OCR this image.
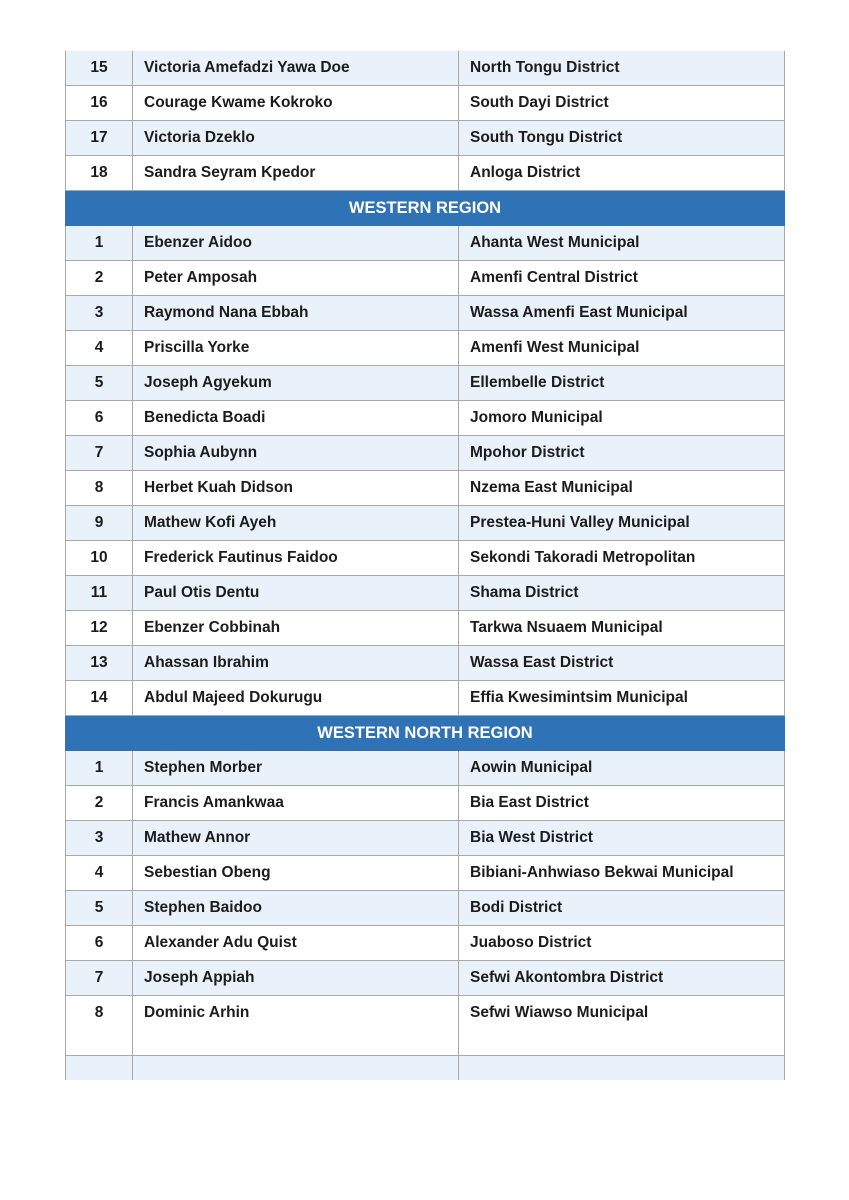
15	Victoria Amefadzi Yawa Doe	North Tongu District
16	Courage Kwame Kokroko	South Dayi District
17	Victoria Dzeklo	South Tongu District
18	Sandra Seyram Kpedor	Anloga District
WESTERN REGION		
1	Ebenzer Aidoo	Ahanta West Municipal
2	Peter Amposah	Amenfi Central District
3	Raymond Nana Ebbah	Wassa Amenfi East Municipal
4	Priscilla Yorke	Amenfi West Municipal
5	Joseph Agyekum	Ellembelle District
6	Benedicta Boadi	Jomoro Municipal
7	Sophia Aubynn	Mpohor District
8	Herbet Kuah Didson	Nzema East Municipal
9	Mathew Kofi Ayeh	Prestea-Huni Valley Municipal
10	Frederick Fautinus Faidoo	Sekondi Takoradi Metropolitan
11	Paul Otis Dentu	Shama District
12	Ebenzer Cobbinah	Tarkwa Nsuaem Municipal
13	Ahassan Ibrahim	Wassa East District
14	Abdul Majeed Dokurugu	Effia Kwesimintsim Municipal
WESTERN NORTH REGION		
1	Stephen Morber	Aowin Municipal
2	Francis Amankwaa	Bia East District
3	Mathew Annor	Bia West District
4	Sebestian Obeng	Bibiani-Anhwiaso Bekwai Municipal
5	Stephen Baidoo	Bodi District
6	Alexander Adu Quist	Juaboso District
7	Joseph Appiah	Sefwi Akontombra District
8	Dominic Arhin	Sefwi Wiawso Municipal
